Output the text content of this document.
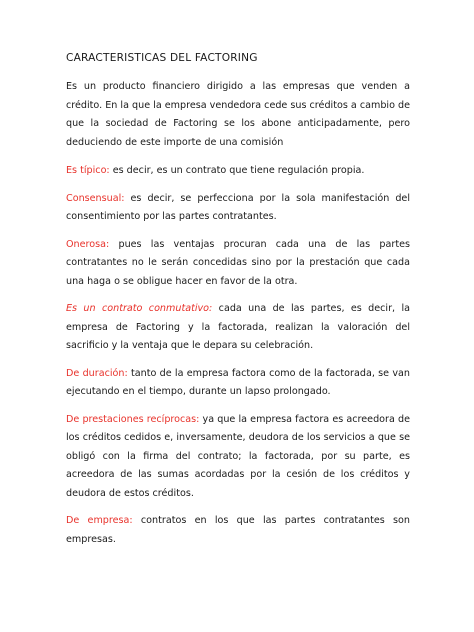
CARACTERISTICAS DEL FACTORING

Es un producto financiero dirigido a las empresas que venden a crédito. En la que la empresa vendedora cede sus créditos a cambio de que la sociedad de Factoring se los abone anticipadamente, pero deduciendo de este importe de una comisión

Es típico: es decir, es un contrato que tiene regulación propia.

Consensual: es decir, se perfecciona por la sola manifestación del consentimiento por las partes contratantes.

Onerosa: pues las ventajas procuran cada una de las partes contratantes no le serán concedidas sino por la prestación que cada una haga o se obligue hacer en favor de la otra.

Es un contrato conmutativo: cada una de las partes, es decir, la empresa de Factoring y la factorada, realizan la valoración del sacrificio y la ventaja que le depara su celebración.

De duración: tanto de la empresa factora como de la factorada, se van ejecutando en el tiempo, durante un lapso prolongado.

De prestaciones recíprocas: ya que la empresa factora es acreedora de los créditos cedidos e, inversamente, deudora de los servicios a que se obligó con la firma del contrato; la factorada, por su parte, es acreedora de las sumas acordadas por la cesión de los créditos y deudora de estos créditos.

De empresa: contratos en los que las partes contratantes son empresas.
